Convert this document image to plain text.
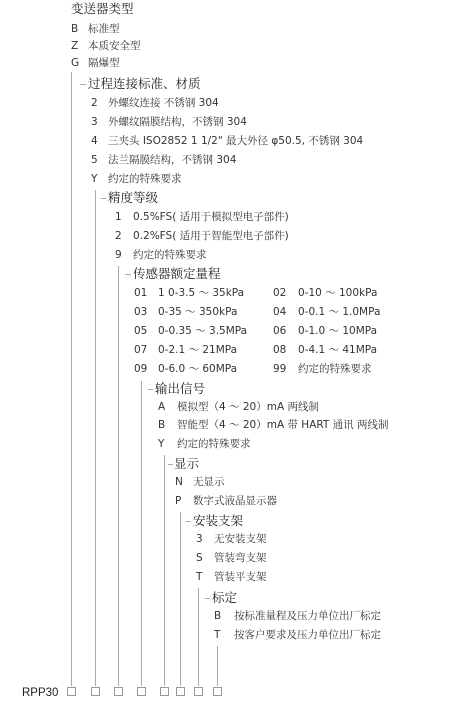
变送器类型
B 标准型
Z 本质安全型
G 隔爆型
过程连接标准、材质
2 外螺纹连接 不锈钢 304
3 外螺纹隔膜结构，不锈钢 304
4 三夹头 ISO2852 1 1/2" 最大外径 φ50.5, 不锈钢 304
5 法兰隔膜结构，不锈钢 304
Y 约定的特殊要求
精度等级
1 0.5%FS( 适用于模拟型电子部件)
2 0.2%FS( 适用于智能型电子部件)
9 约定的特殊要求
传感器额定量程
01 1 0-3.5 ～ 35kPa	02 0-10 ～ 100kPa
03 0-35 ～ 350kPa	04 0-0.1 ～ 1.0MPa
05 0-0.35 ～ 3.5MPa 06 0-1.0 ～ 10MPa
07 0-2.1 ～ 21MPa	08 0-4.1 ～ 41MPa
09 0-6.0 ～ 60MPa	99 约定的特殊要求
输出信号
A 模拟型（4 ～ 20）mA 两线制
B 智能型（4 ～ 20）mA 带 HART 通讯 两线制
Y 约定的特殊要求
显示
N 无显示
P 数字式液晶显示器
安装支架
3 无安装支架
S 管装弯支架
T 管装平支架
标定
B 按标准量程及压力单位出厂标定
T 按客户要求及压力单位出厂标定
RPP30
